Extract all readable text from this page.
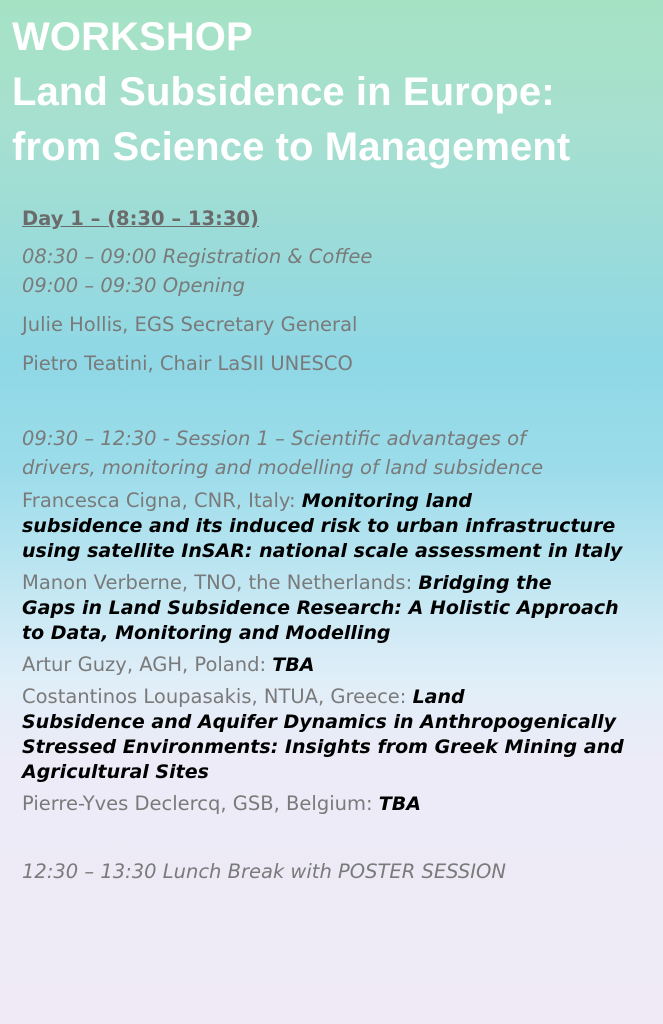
WORKSHOP
Land Subsidence in Europe:
from Science to Management
Day 1 – (8:30 – 13:30)
08:30 – 09:00 Registration & Coffee
09:00 – 09:30 Opening
Julie Hollis, EGS Secretary General
Pietro Teatini, Chair LaSII UNESCO
09:30 – 12:30 - Session 1 – Scientific advantages of
drivers, monitoring and modelling of land subsidence
Francesca Cigna, CNR, Italy: Monitoring land
subsidence and its induced risk to urban infrastructure
using satellite InSAR: national scale assessment in Italy
Manon Verberne, TNO, the Netherlands: Bridging the
Gaps in Land Subsidence Research: A Holistic Approach
to Data, Monitoring and Modelling
Artur Guzy, AGH, Poland: TBA
Costantinos Loupasakis, NTUA, Greece: Land
Subsidence and Aquifer Dynamics in Anthropogenically
Stressed Environments: Insights from Greek Mining and
Agricultural Sites
Pierre-Yves Declercq, GSB, Belgium: TBA
12:30 – 13:30 Lunch Break with POSTER SESSION
